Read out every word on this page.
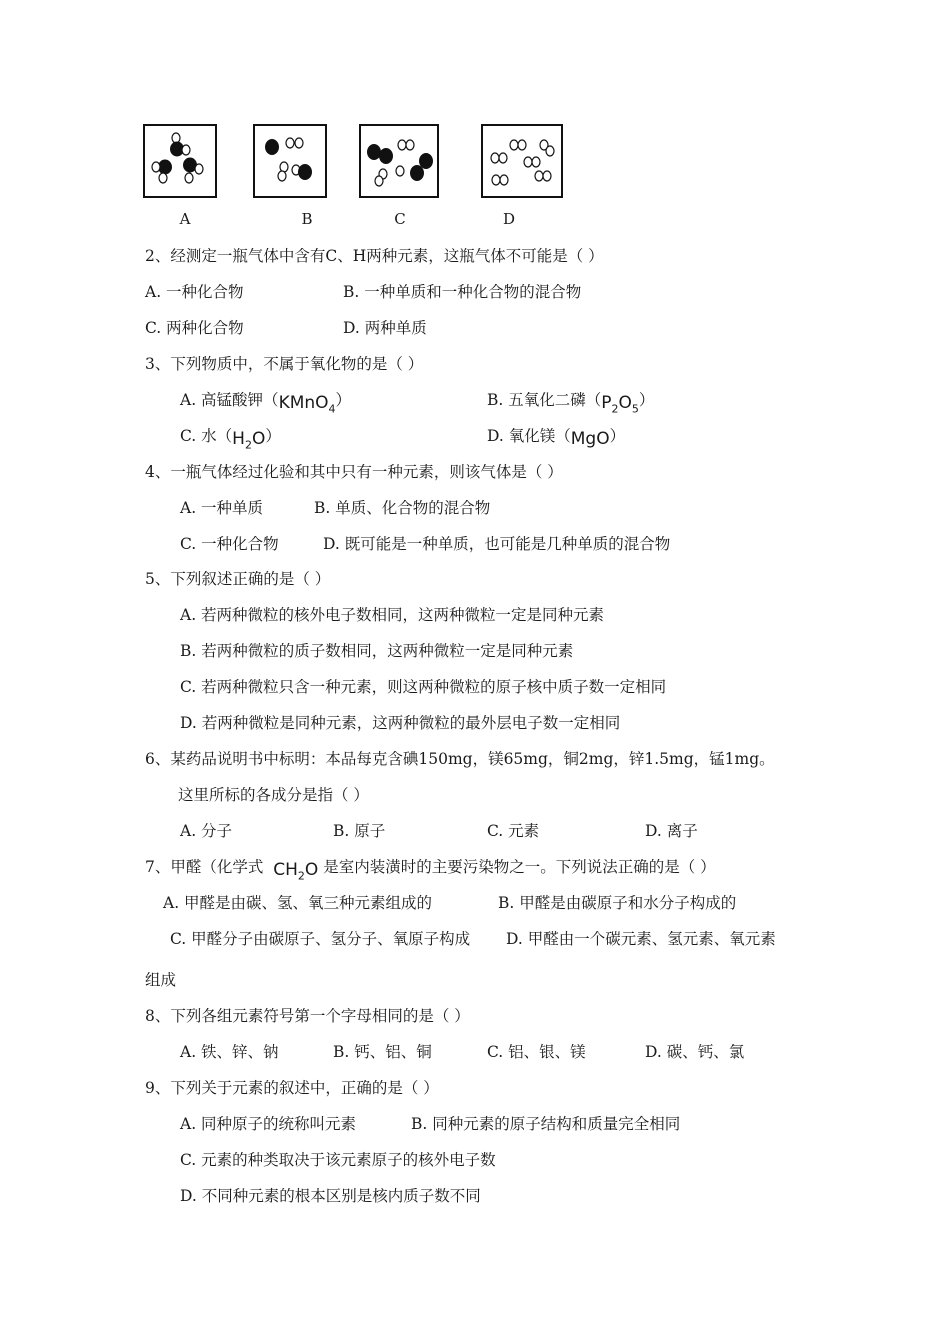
A	B	C	D
2、经测定一瓶气体中含有C、H两种元素，这瓶气体不可能是（ ）
A. 一种化合物	B. 一种单质和一种化合物的混合物
C. 两种化合物	D. 两种单质
3、下列物质中，不属于氧化物的是（ ）
A. 高锰酸钾（KMnO$_4$）	B. 五氧化二磷$(P_2O_5)$
C. 水$(H_2O)$	D. 氧化镁（MgO）
4、一瓶气体经过化验和其中只有一种元素，则该气体是（ ）
A. 一种单质	B. 单质、化合物的混合物
C. 一种化合物	D. 既可能是一种单质，也可能是几种单质的混合物
5、下列叙述正确的是（ ）
A. 若两种微粒的核外电子数相同，这两种微粒一定是同种元素
B. 若两种微粒的质子数相同，这两种微粒一定是同种元素
C. 若两种微粒只含一种元素，则这两种微粒的原子核中质子数一定相同
D. 若两种微粒是同种元素，这两种微粒的最外层电子数一定相同
6、某药品说明书中标明：本品每克含碘150mg，镁65mg，铜2mg，锌1.5mg，锰1mg。
这里所标的各成分是指（ ）
A. 分子	B. 原子	C. 元素	D. 离子
7、甲醛（化学式 $CH_2O$ 是室内装潢时的主要污染物之一。下列说法正确的是（ ）
A. 甲醛是由碳、氢、氧三种元素组成的	B. 甲醛是由碳原子和水分子构成的
C. 甲醛分子由碳原子、氢分子、氧原子构成 D. 甲醛由一个碳元素、氢元素、氧元素
组成
8、下列各组元素符号第一个字母相同的是（ ）
A. 铁、锌、钠	B. 钙、铝、铜	C. 铝、银、镁	D. 碳、钙、氯
9、下列关于元素的叙述中，正确的是（ ）
A. 同种原子的统称叫元素	B. 同种元素的原子结构和质量完全相同
C. 元素的种类取决于该元素原子的核外电子数
D. 不同种元素的根本区别是核内质子数不同
